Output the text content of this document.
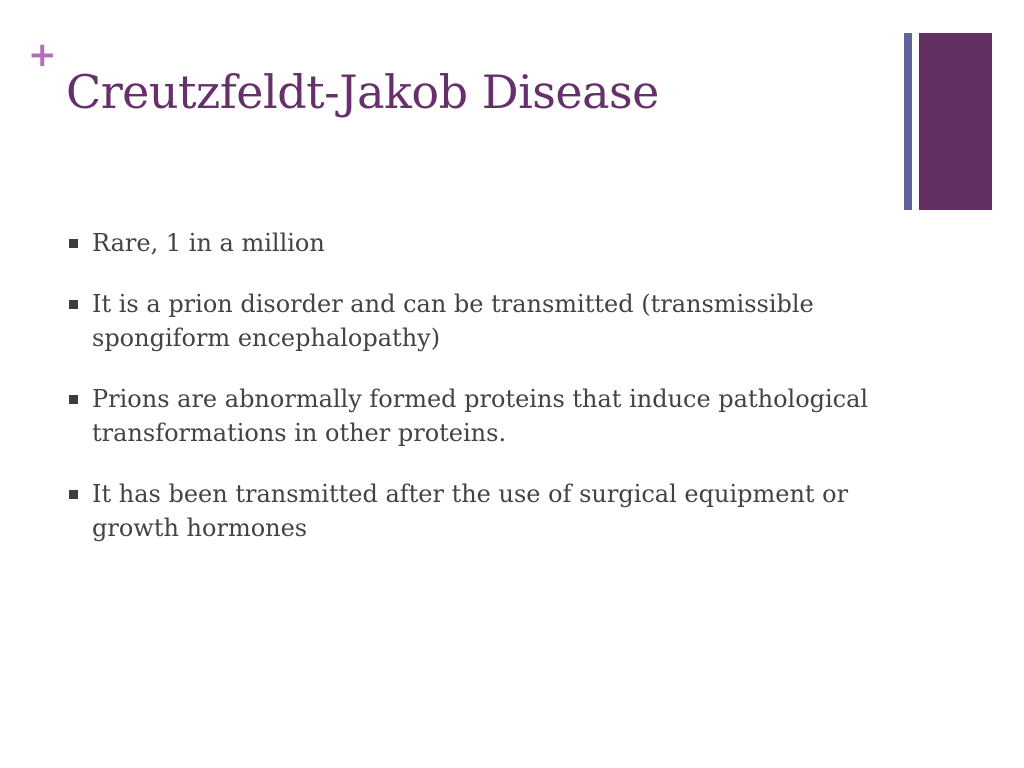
+
Creutzfeldt-Jakob Disease
Rare, 1 in a million
It is a prion disorder and can be transmitted (transmissible spongiform encephalopathy)
Prions are abnormally formed proteins that induce pathological transformations in other proteins.
It has been transmitted after the use of surgical equipment or growth hormones
